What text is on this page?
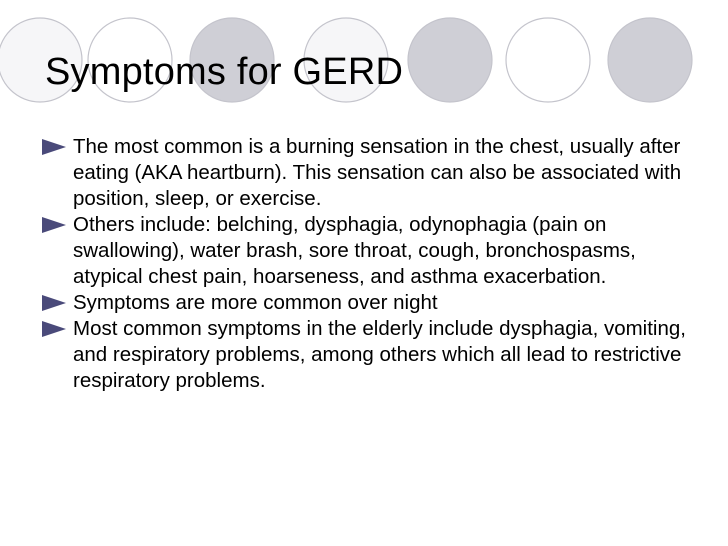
Symptoms for GERD
The most common is a burning sensation in the chest, usually after eating (AKA heartburn). This sensation can also be associated with position, sleep, or exercise.
Others include: belching, dysphagia, odynophagia (pain on swallowing), water brash, sore throat, cough, bronchospasms, atypical chest pain, hoarseness, and asthma exacerbation.
Symptoms are more common over night
Most common symptoms in the elderly include dysphagia, vomiting, and respiratory problems, among others which all lead to restrictive respiratory problems.
